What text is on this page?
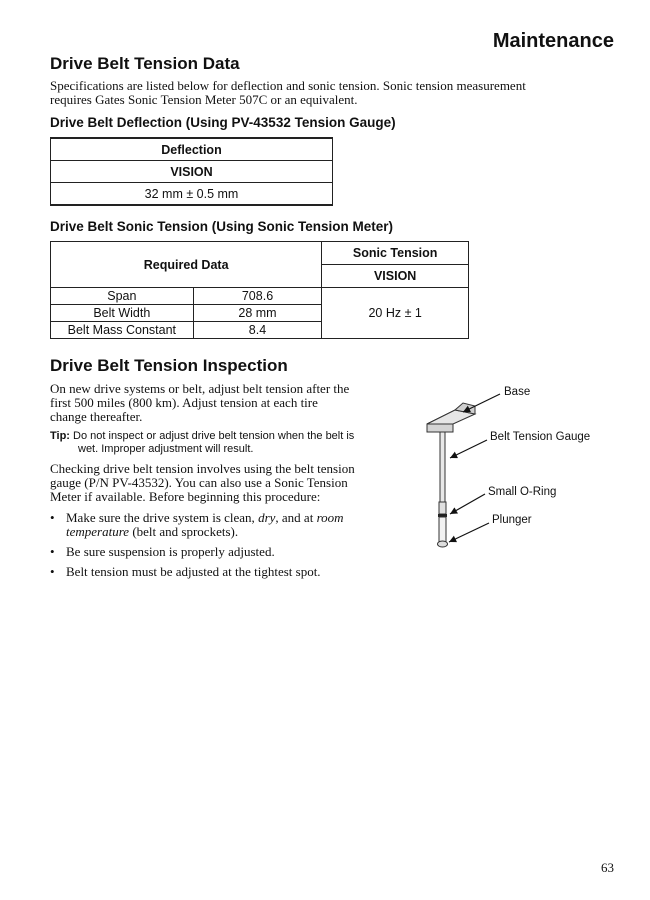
Maintenance
Drive Belt Tension Data
Specifications are listed below for deflection and sonic tension. Sonic tension measurement
requires Gates Sonic Tension Meter 507C or an equivalent.
Drive Belt Deflection (Using PV-43532 Tension Gauge)
Deflection
VISION
32 mm ± 0.5 mm
Drive Belt Sonic Tension (Using Sonic Tension Meter)
Required Data		Sonic Tension
		VISION
Span	708.6	20 Hz ± 1
Belt Width	28 mm	
Belt Mass Constant	8.4	
Drive Belt Tension Inspection
On new drive systems or belt, adjust belt tension after the
first 500 miles (800 km). Adjust tension at each tire
change thereafter.
Tip: Do not inspect or adjust drive belt tension when the belt is
wet. Improper adjustment will result.
Checking drive belt tension involves using the belt tension
gauge (P/N PV-43532). You can also use a Sonic Tension
Meter if available. Before beginning this procedure:
• Make sure the drive system is clean, dry, and at room
temperature (belt and sprockets).
• Be sure suspension is properly adjusted.
• Belt tension must be adjusted at the tightest spot.
Base
Belt Tension Gauge
Small O-Ring
Plunger
63
